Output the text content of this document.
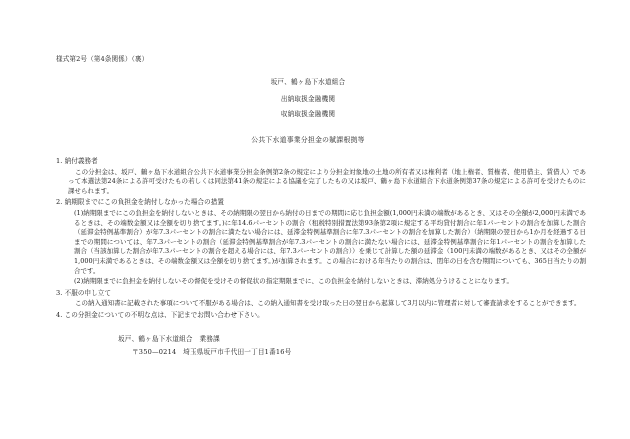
様式第2号（第4条関係）（裏）
坂戸、鶴ヶ島下水道組合
出納取扱金融機関
収納取扱金融機関
公共下水道事業分担金の賦課根拠等
1. 納付義務者
この分担金は、坂戸、鶴ヶ島下水道組合公共下水道事業分担金条例第2条の規定により分担金対象地の土地の所有者又は権利者（地上権者、質権者、使用借主、賃借人）であって本選法第24条による許可受けたもの若しくは同法第41条の規定による協議を完了したもの又は坂戸、鶴ヶ島下水道組合下水道条例第37条の規定による許可を受けたものに課せられます。
2. 納期限までにこの負担金を納付しなかった場合の措置
(1)納期限までにこの負担金を納付しないときは、その納期限の翌日から納付の日までの期間に応じ負担金額(1,000円未満の端数があるとき、又はその全額が2,000円未満であるときは、その端数金額又は全額を切り捨てます。)に年14.6パーセントの割合（租税特別措置法第93条第2項に規定する平均貸付割合に年1パーセントの割合を加算した割合（延滞金特例基準割合）が年7.3パーセントの割合に満たない場合には、延滞金特例基準割合に年7.3パーセントの割合を加算した割合）（納期限の翌日から1か月を経過する日までの期間については、年7.3パーセントの割合（延滞金特例基準割合が年7.3パーセントの割合に満たない場合には、延滞金特例基準割合に年1パーセントの割合を加算した割合（当該加算した割合が年7.3パーセントの割合を超える場合には、年7.3パーセントの割合））を乗じて計算した額の延滞金（100円未満の端数があるとき、又はその全額が1,000円未満であるときは、その端数金額又は全額を切り捨てます。)が加算されます。この場合における年当たりの割合は、閏年の日を含む期間についても、365日当たりの割合です。
(2)納期限までに負担金を納付しないその督促を受けその督促状の指定期限までに、この負担金を納付しないときは、滞納処分うけることになります。
3. 不服の申し立て
この納入通知書に記載された事項について不服がある場合は、この納入通知書を受け取った日の翌日から起算して3月以内に管理者に対して審査請求をすることができます。
4. この分担金についての不明な点は、下記までお問い合わせ下さい。
坂戸、鶴ヶ島下水道組合　業務課
〒350—0214　埼玉県坂戸市千代田一丁目1番16号
